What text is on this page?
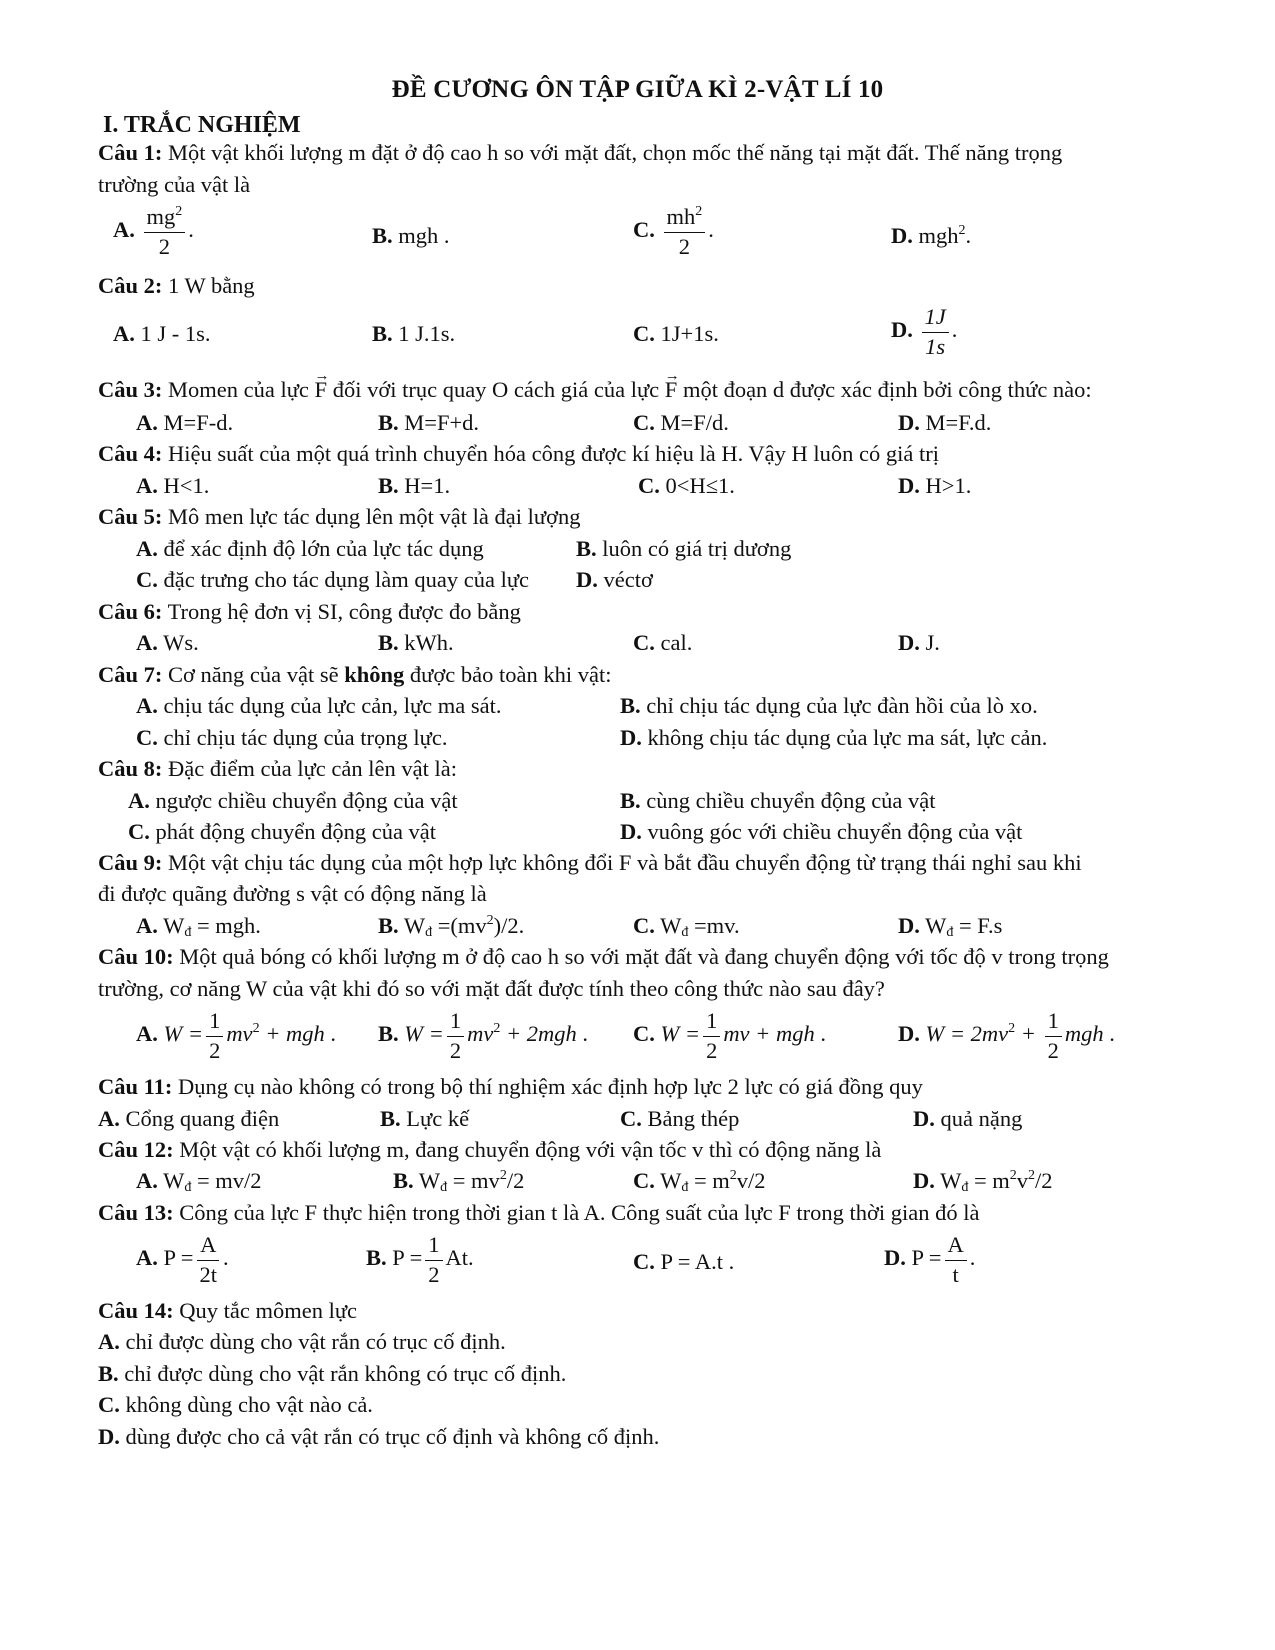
ĐỀ CƯƠNG ÔN TẬP GIỮA KÌ 2-VẬT LÍ 10
I. TRẮC NGHIỆM
Câu 1: Một vật khối lượng m đặt ở độ cao h so với mặt đất, chọn mốc thế năng tại mặt đất. Thế năng trọng
trường của vật là
A. $\frac{mg^2}{2}$ .	B. mgh .	C. $\frac{mh^2}{2}$ .	D. mgh$^2$.
Câu 2: 1 W bằng
A. 1 J - 1s.	B. 1 J.1s.	C. 1J+1s.	D. $\frac{1J}{1s}$ .
Câu 3: Momen của lực → F đối với trục quay O cách giá của lực → F một đoạn d được xác định bởi công thức nào:
A. M=F-d.	B. M=F+d.	C. M=F/d.	D. M=F.d.
Câu 4: Hiệu suất của một quá trình chuyển hóa công được kí hiệu là H. Vậy H luôn có giá trị
A. H<1.	B. H=1.	C. 0<H≤1.	D. H>1.
Câu 5: Mô men lực tác dụng lên một vật là đại lượng
A. để xác định độ lớn của lực tác dụng	B. luôn có giá trị dương
C. đặc trưng cho tác dụng làm quay của lực D. véctơ
Câu 6: Trong hệ đơn vị SI, công được đo bằng
A. Ws.	B. kWh.	C. cal.	D. J.
Câu 7: Cơ năng của vật sẽ không được bảo toàn khi vật:
A. chịu tác dụng của lực cản, lực ma sát.	B. chỉ chịu tác dụng của lực đàn hồi của lò xo.
C. chỉ chịu tác dụng của trọng lực.	D. không chịu tác dụng của lực ma sát, lực cản.
Câu 8: Đặc điểm của lực cản lên vật là:
A. ngược chiều chuyển động của vật	B. cùng chiều chuyển động của vật
C. phát động chuyển động của vật	D. vuông góc với chiều chuyển động của vật
Câu 9: Một vật chịu tác dụng của một hợp lực không đổi F và bắt đầu chuyển động từ trạng thái nghỉ sau khi
đi được quãng đường s vật có động năng là
A. $W_đ$ = mgh.	B. $W_đ =(mv^2)/2$.	C. $W_đ =mv$.	D. $W_đ = F.s$
Câu 10: Một quả bóng có khối lượng m ở độ cao h so với mặt đất và đang chuyển động với tốc độ v trong trọng
trường, cơ năng W của vật khi đó so với mặt đất được tính theo công thức nào sau đây?
A. $W = \frac{1}{2} mv^2$ + mgh . B. $W = \frac{1}{2} mv^2 + 2mgh$ . C. $W = \frac{1}{2}$ mv + mgh .	D. $W = 2mv^2 + \frac{1}{2}$ mgh .
Câu 11: Dụng cụ nào không có trong bộ thí nghiệm xác định hợp lực 2 lực có giá đồng quy
A. Cổng quang điện	B. Lực kế	C. Bảng thép	D. quả nặng
Câu 12: Một vật có khối lượng m, đang chuyển động với vận tốc v thì có động năng là
A. $W_đ = mv/2$	B. $W_đ = mv^2/2$	C. $W_đ = m^2v/2$	D. $W_đ = m^2v^2/2$
Câu 13: Công của lực F thực hiện trong thời gian t là A. Công suất của lực F trong thời gian đó là
A. $P = \frac{A}{2t}$ .	B. $P = \frac{1}{2} At$.	C. P = A.t .	D. $P = \frac{A}{t}$ .
Câu 14: Quy tắc mômen lực
A. chỉ được dùng cho vật rắn có trục cố định.
B. chỉ được dùng cho vật rắn không có trục cố định.
C. không dùng cho vật nào cả.
D. dùng được cho cả vật rắn có trục cố định và không cố định.
